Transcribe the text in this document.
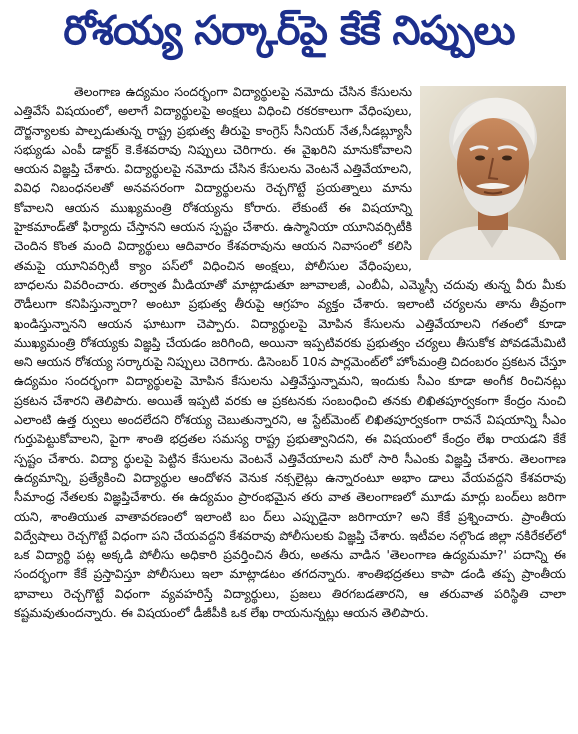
రోశయ్య సర్కార్‌పై కేకే నిప్పులు

తెలంగాణ ఉద్యమం సందర్భంగా విద్యార్థులపై నమోదు చేసిన కేసులను ఎత్తివేసే విషయంలో, అలాగే విద్యార్థులపై అంక్షలు విధించి రకరకాలుగా వేధింపులు, దౌర్జన్యాలకు పాల్పడుతున్న రాష్ట్ర ప్రభుత్వ తీరుపై కాంగ్రెస్ సీనియర్ నేత,సీడబ్ల్యూసీ సభ్యుడు ఎంపీ డాక్టర్ కె.కేశవరావు నిప్పులు చెరిగారు. ఈ వైఖరిని మానుకోవాలని ఆయన విజ్ఞప్తి చేశారు. విద్యార్థులపై నమోదు చేసిన కేసులను వెంటనే ఎత్తివేయాలని, వివిధ నిబంధనలతో అనవసరంగా విద్యార్థులను రెచ్చగొట్టే ప్రయత్నాలు మాను కోవాలని ఆయన ముఖ్యమంత్రి రోశయ్యను కోరారు. లేకుంటే ఈ విషయాన్ని హైకమాండ్‌తో ఫిర్యాదు చేస్తానని ఆయన స్పష్టం చేశారు. ఉస్మానియా యూనివర్సిటీకి చెందిన కొంత మంది విద్యార్థులు ఆదివారం కేశవరావును ఆయన నివాసంలో కలిసి తమపై యూనివర్సిటీ క్యాం పస్‌లో విధించిన అంక్షలు, పోలీసుల వేధింపులు, బాధలను వివరించారు. తర్వాత మీడియాతో మాట్లాడుతూ జూవాలజీ, ఎంబీఏ, ఎమ్మెస్సీ చదువు తున్న వీరు మీకు రౌడీలుగా కనిపిస్తున్నారా? అంటూ ప్రభుత్వ తీరుపై ఆగ్రహం వ్యక్తం చేశారు. ఇలాంటి చర్యలను తాను తీవ్రంగా ఖండిస్తున్నానని ఆయన ఘాటుగా చెప్పారు. విద్యార్థులపై మోపిన కేసులను ఎత్తివేయాలని గతంలో కూడా ముఖ్యమంత్రి రోశయ్యకు విజ్ఞప్తి చేయడం జరిగింది, అయినా ఇప్పటివరకు ప్రభుత్వం చర్యలు తీసుకోక పోవడమేమిటి అని ఆయన రోశయ్య సర్కారుపై నిప్పులు చెరిగారు. డిసెంబర్ 10న పార్లమెంట్‌లో హోంమంత్రి చిదంబరం ప్రకటన చేస్తూ ఉద్యమం సందర్భంగా విద్యార్థులపై మోపిన కేసులను ఎత్తివేస్తున్నామని, ఇందుకు సీఎం కూడా అంగీక రించినట్లు ప్రకటన చేశారని తెలిపారు. అయితే ఇప్పటి వరకు ఆ ప్రకటనకు సంబంధించి తనకు లిఖితపూర్వకంగా కేంద్రం నుంచి ఎలాంటి ఉత్త ర్వులు అందలేదని రోశయ్య చెబుతున్నారని, ఆ స్టేట్‌మెంట్ లిఖితపూర్వకంగా రావనే విషయాన్ని సీఎం గుర్తుపెట్టుకోవాలని, పైగా శాంతి భద్రతల సమస్య రాష్ట్ర ప్రభుత్వానిదని, ఈ విషయంలో కేంద్రం లేఖ రాయడని కేకే స్పష్టం చేశారు. విద్యా ర్థులపై పెట్టిన కేసులను వెంటనే ఎత్తివేయాలని మరో సారి సీఎంకు విజ్ఞప్తి చేశారు. తెలంగాణ ఉద్యమాన్ని, ప్రత్యేకించి విద్యార్థుల ఆందోళన వెనుక నక్సలైట్లు ఉన్నారంటూ అభాం డాలు వేయవద్దని కేశవరావు సీమాంధ్ర నేతలకు విజ్ఞప్తిచేశారు. ఈ ఉద్యమం ప్రారంభమైన తరు వాత తెలంగాణలో మూడు మార్లు బంద్‌లు జరిగా యని, శాంతియుత వాతావరణంలో ఇలాంటి బం ద్‌లు ఎప్పుడైనా జరిగాయా? అని కేకే ప్రశ్నించారు. ప్రాంతీయ విద్వేషాలు రెచ్చగొట్టే విధంగా పని చేయవద్దని కేశవరావు పోలీసులకు విజ్ఞప్తి చేశారు. ఇటీవల నల్గొండ జిల్లా నకిరేకల్‌లో ఒక విద్యార్థి పట్ల అక్కడి పోలీసు అధికారి ప్రవర్తించిన తీరు, అతను వాడిన 'తెలంగాణ ఉద్యమమా?' పదాన్ని ఈ సందర్భంగా కేకే ప్రస్తావిస్తూ పోలీసులు ఇలా మాట్లాడటం తగదన్నారు. శాంతిభద్రతలు కాపా డండి తప్ప ప్రాంతీయ భావాలు రెచ్చగొట్టే విధంగా వ్యవహరిస్తే విద్యార్థులు, ప్రజలు తిరగబడతారని, ఆ తరువాత పరిస్థితి చాలా కష్టమవుతుందన్నారు. ఈ విషయంలో డీజీపీకి ఒక లేఖ రాయనున్నట్లు ఆయన తెలిపారు.
